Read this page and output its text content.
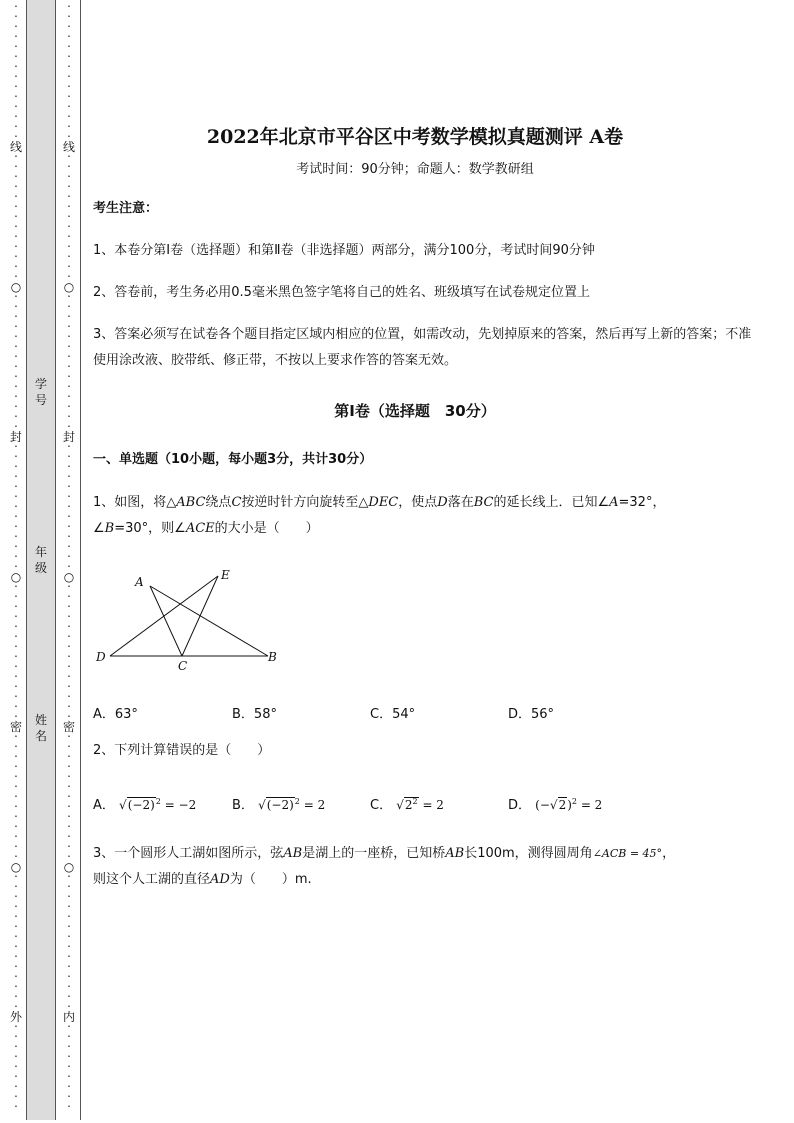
•
•
•
•
•
•
•
•
•
•
•
•
•
•
线
•
•
•
•
•
•
•
•
•
•
•
•
•
○
•
•
•
•
•
•
•
•
•
•
•
•
•
•
封
•
•
•
•
•
•
•
•
•
•
•
•
•
○
•
•
•
•
•
•
•
•
•
•
•
•
•
•
密
•
•
•
•
•
•
•
•
•
•
•
•
•
○
•
•
•
•
•
•
•
•
•
•
•
•
•
•
外
•
•
•
•
•
•
•
•
•
•
•
•
•
•
•
•
•
•
•
•
•
•
•
线
•
•
•
•
•
•
•
•
•
•
•
•
•
○
•
•
•
•
•
•
•
•
•
•
•
•
•
•
封
•
•
•
•
•
•
•
•
•
•
•
•
•
○
•
•
•
•
•
•
•
•
•
•
•
•
•
•
密
•
•
•
•
•
•
•
•
•
•
•
•
•
○
•
•
•
•
•
•
•
•
•
•
•
•
•
•
内
•
•
•
•
•
•
•
•
•
学号
年级
姓名
2022年北京市平谷区中考数学模拟真题测评 A卷
考试时间：90分钟；命题人：数学教研组
考生注意：
1、本卷分第I卷（选择题）和第Ⅱ卷（非选择题）两部分，满分100分，考试时间90分钟
2、答卷前，考生务必用0.5毫米黑色签字笔将自己的姓名、班级填写在试卷规定位置上
3、答案必须写在试卷各个题目指定区域内相应的位置，如需改动，先划掉原来的答案，然后再写上新的答案；不准使用涂改液、胶带纸、修正带，不按以上要求作答的答案无效。
第I卷（选择题　30分）
一、单选题（10小题，每小题3分，共计30分）
1、如图，将△ABC绕点C按逆时针方向旋转至△DEC，使点D落在BC的延长线上．已知∠A=32°，
∠B=30°，则∠ACE的大小是（　　）
A	E
D
C
B
A．63°	B．58°	C．54°	D．56°
2、下列计算错误的是（　　）
A． $√(-2)^2 = -2$	B． $√(-2)^2 = 2$	C． $√2^2 = 2$	D． $(-√2)^2 = 2$
3、一个圆形人工湖如图所示，弦AB是湖上的一座桥，已知桥AB长100m，测得圆周角∠ACB = 45°，
则这个人工湖的直径AD为（　　）m.
